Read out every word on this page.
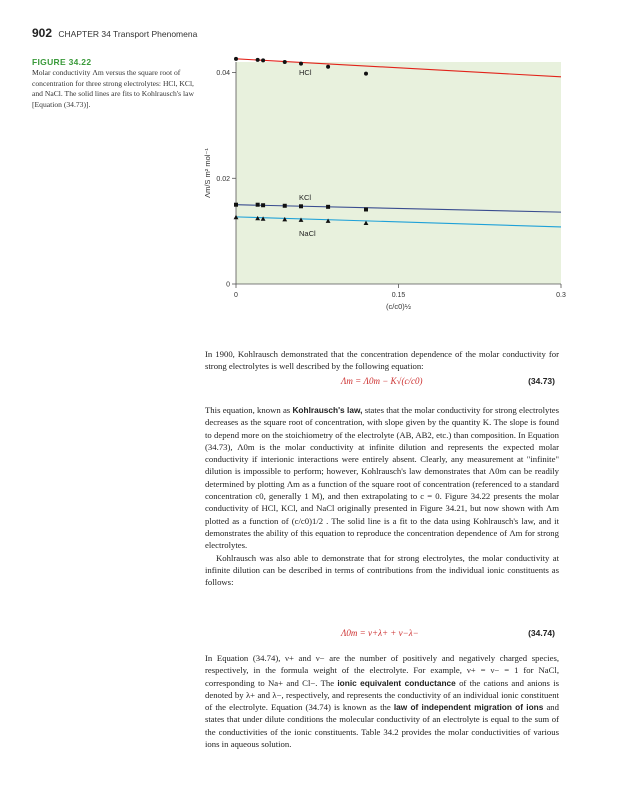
902 CHAPTER 34 Transport Phenomena
FIGURE 34.22
Molar conductivity Λm versus the square root of concentration for three strong electrolytes: HCl, KCl, and NaCl. The solid lines are fits to Kohlrausch's law [Equation (34.73)].
HCl
KCl
NaCl
0
0.02
0.04
0	0.15	0.3
(c/c0)½
Λm/S m² mol⁻¹

In 1900, Kohlrausch demonstrated that the concentration dependence of the molar conductivity for strong electrolytes is well described by the following equation:

Λm = Λ0m − K√(c/c0)	(34.73)

This equation, known as Kohlrausch's law, states that the molar conductivity for strong electrolytes decreases as the square root of concentration, with slope given by the quantity K. The slope is found to depend more on the stoichiometry of the electrolyte (AB, AB2, etc.) than composition. In Equation (34.73), Λ0m is the molar conductivity at infinite dilution and represents the expected molar conductivity if interionic interactions were entirely absent. Clearly, any measurement at "infinite" dilution is impossible to perform; however, Kohlrausch's law demonstrates that Λ0m can be readily determined by plotting Λm as a function of the square root of concentration (referenced to a standard concentration c0, generally 1 M), and then extrapolating to c = 0. Figure 34.22 presents the molar conductivity of HCl, KCl, and NaCl originally presented in Figure 34.21, but now shown with Λm plotted as a function of (c/c0)1/2 . The solid line is a fit to the data using Kohlrausch's law, and it demonstrates the ability of this equation to reproduce the concentration dependence of Λm for strong electrolytes.

Kohlrausch was also able to demonstrate that for strong electrolytes, the molar conductivity at infinite dilution can be described in terms of contributions from the individual ionic constituents as follows:

Λ0m = ν+λ+ + ν−λ−	(34.74)

In Equation (34.74), ν+ and ν− are the number of positively and negatively charged species, respectively, in the formula weight of the electrolyte. For example, ν+ = ν− = 1 for NaCl, corresponding to Na+ and Cl−. The ionic equivalent conductance of the cations and anions is denoted by λ+ and λ−, respectively, and represents the conductivity of an individual ionic constituent of the electrolyte. Equation (34.74) is known as the law of independent migration of ions and states that under dilute conditions the molecular conductivity of an electrolyte is equal to the sum of the conductivities of the ionic constituents. Table 34.2 provides the molar conductivities of various ions in aqueous solution.
